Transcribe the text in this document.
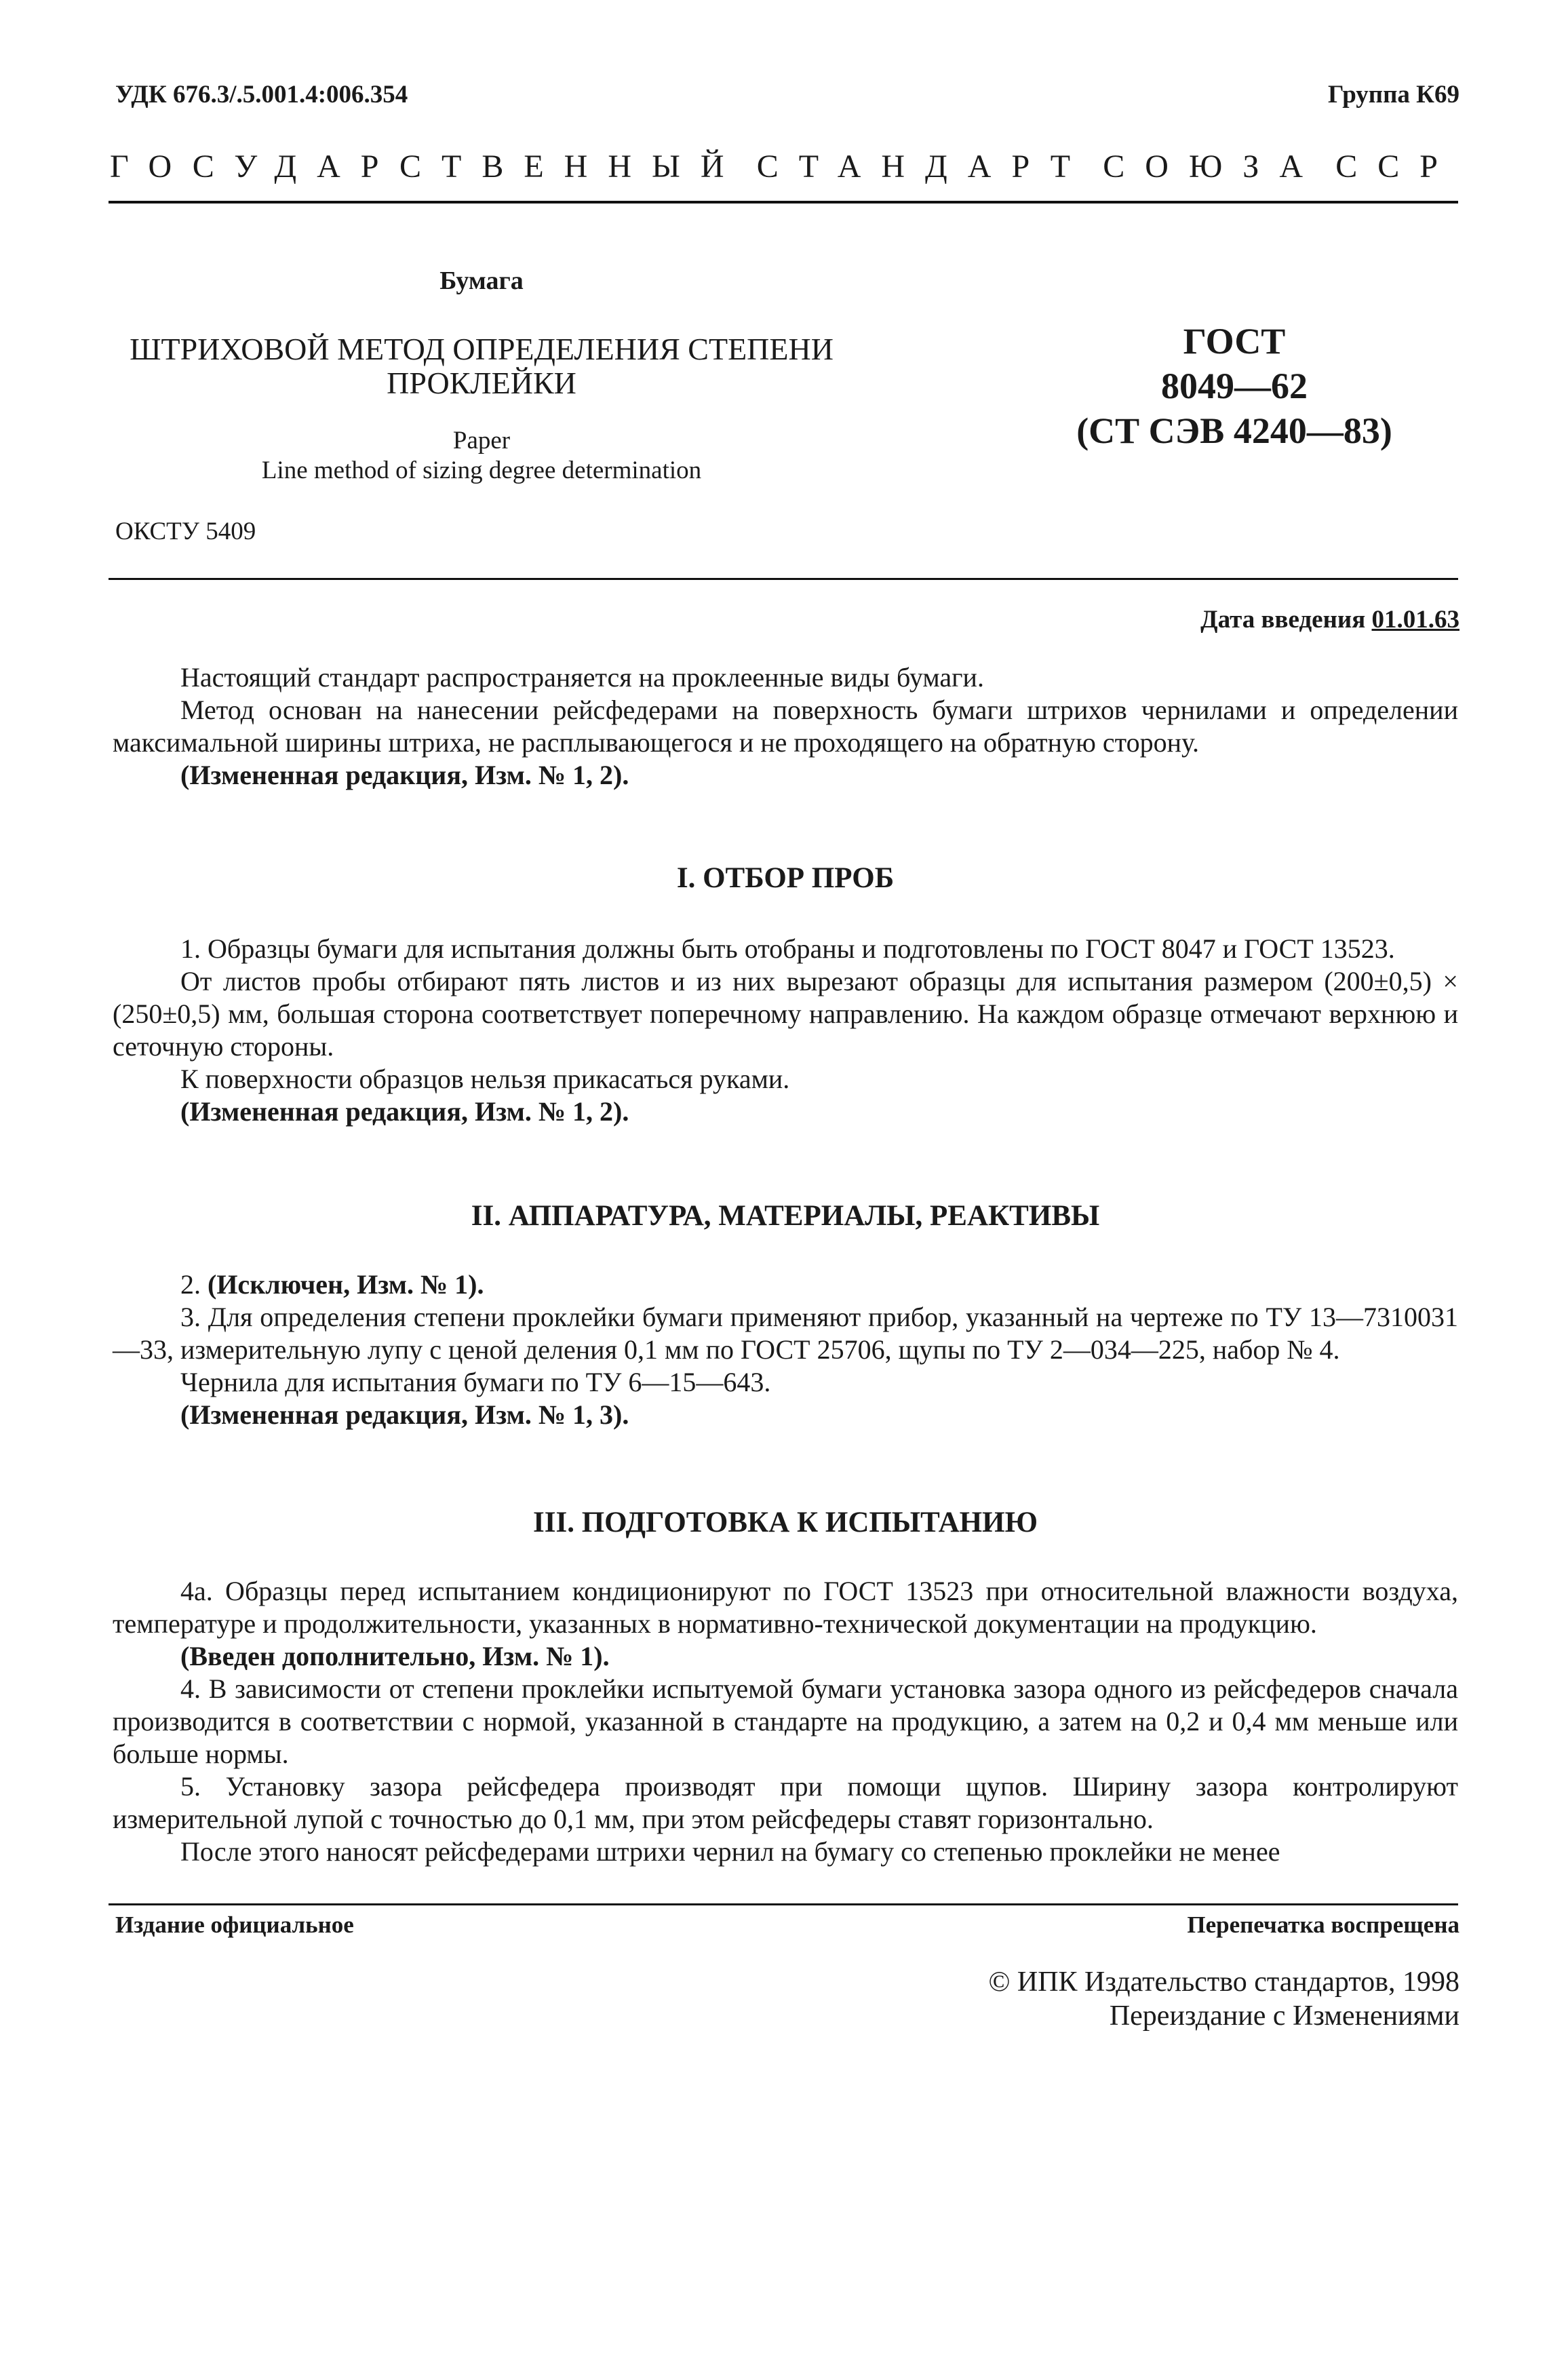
УДК 676.3/.5.001.4:006.354	Группа К69
ГОСУДАРСТВЕННЫЙ СТАНДАРТ СОЮЗА ССР
Бумага
ШТРИХОВОЙ МЕТОД ОПРЕДЕЛЕНИЯ СТЕПЕНИ
ПРОКЛЕЙКИ
Paper
Line method of sizing degree determination
ГОСТ
8049—62
(СТ СЭВ 4240—83)
ОКСТУ 5409
Дата введения 01.01.63

Настоящий стандарт распространяется на проклеенные виды бумаги.

Метод основан на нанесении рейсфедерами на поверхность бумаги штрихов чернилами и определении максимальной ширины штриха, не расплывающегося и не проходящего на обратную сторону.

(Измененная редакция, Изм. № 1, 2).

I. ОТБОР ПРОБ

1. Образцы бумаги для испытания должны быть отобраны и подготовлены по ГОСТ 8047 и ГОСТ 13523.

От листов пробы отбирают пять листов и из них вырезают образцы для испытания размером (200±0,5) × (250±0,5) мм, большая сторона соответствует поперечному направлению. На каждом образце отмечают верхнюю и сеточную стороны.

К поверхности образцов нельзя прикасаться руками.

(Измененная редакция, Изм. № 1, 2).

II. АППАРАТУРА, МАТЕРИАЛЫ, РЕАКТИВЫ

2. (Исключен, Изм. № 1).

3. Для определения степени проклейки бумаги применяют прибор, указанный на чертеже по ТУ 13—7310031—33, измерительную лупу с ценой деления 0,1 мм по ГОСТ 25706, щупы по ТУ 2—034—225, набор № 4.

Чернила для испытания бумаги по ТУ 6—15—643.

(Измененная редакция, Изм. № 1, 3).

III. ПОДГОТОВКА К ИСПЫТАНИЮ

4а. Образцы перед испытанием кондиционируют по ГОСТ 13523 при относительной влажности воздуха, температуре и продолжительности, указанных в нормативно-технической документации на продукцию.

(Введен дополнительно, Изм. № 1).

4. В зависимости от степени проклейки испытуемой бумаги установка зазора одного из рейсфедеров сначала производится в соответствии с нормой, указанной в стандарте на продукцию, а затем на 0,2 и 0,4 мм меньше или больше нормы.

5. Установку зазора рейсфедера производят при помощи щупов. Ширину зазора контролируют измерительной лупой с точностью до 0,1 мм, при этом рейсфедеры ставят горизонтально.

После этого наносят рейсфедерами штрихи чернил на бумагу со степенью проклейки не менее

Издание официальное	Перепечатка воспрещена
© ИПК Издательство стандартов, 1998
Переиздание с Изменениями
